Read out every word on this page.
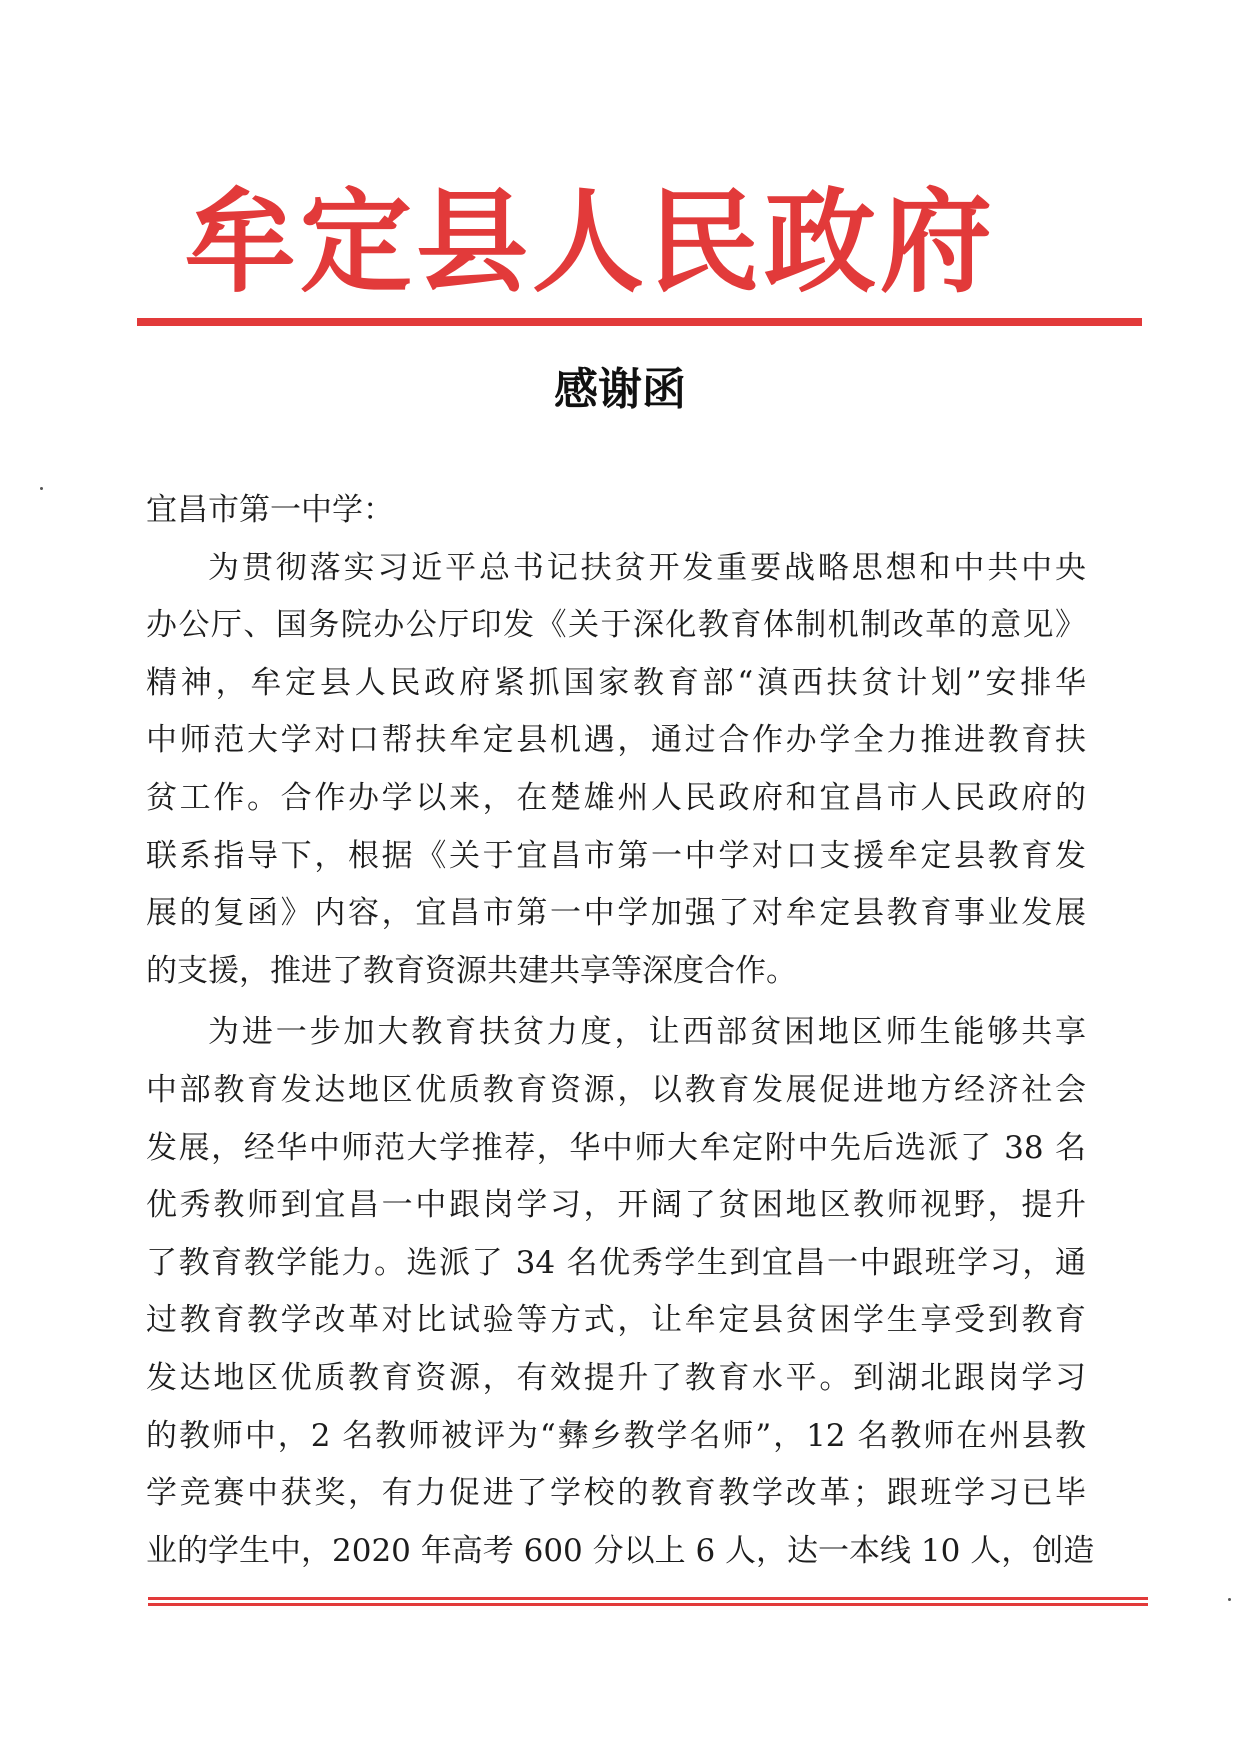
牟定县人民政府
感谢函
宜昌市第一中学：
为贯彻落实习近平总书记扶贫开发重要战略思想和中共中央
办公厅、国务院办公厅印发《关于深化教育体制机制改革的意见》
精神，牟定县人民政府紧抓国家教育部“滇西扶贫计划”安排华
中师范大学对口帮扶牟定县机遇，通过合作办学全力推进教育扶
贫工作。合作办学以来，在楚雄州人民政府和宜昌市人民政府的
联系指导下，根据《关于宜昌市第一中学对口支援牟定县教育发
展的复函》内容，宜昌市第一中学加强了对牟定县教育事业发展
的支援，推进了教育资源共建共享等深度合作。
为进一步加大教育扶贫力度，让西部贫困地区师生能够共享
中部教育发达地区优质教育资源，以教育发展促进地方经济社会
发展，经华中师范大学推荐，华中师大牟定附中先后选派了 38 名
优秀教师到宜昌一中跟岗学习，开阔了贫困地区教师视野，提升
了教育教学能力。选派了 34 名优秀学生到宜昌一中跟班学习，通
过教育教学改革对比试验等方式，让牟定县贫困学生享受到教育
发达地区优质教育资源，有效提升了教育水平。到湖北跟岗学习
的教师中，2 名教师被评为“彝乡教学名师”，12 名教师在州县教
学竞赛中获奖，有力促进了学校的教育教学改革；跟班学习已毕
业的学生中，2020 年高考 600 分以上 6 人，达一本线 10 人，创造
